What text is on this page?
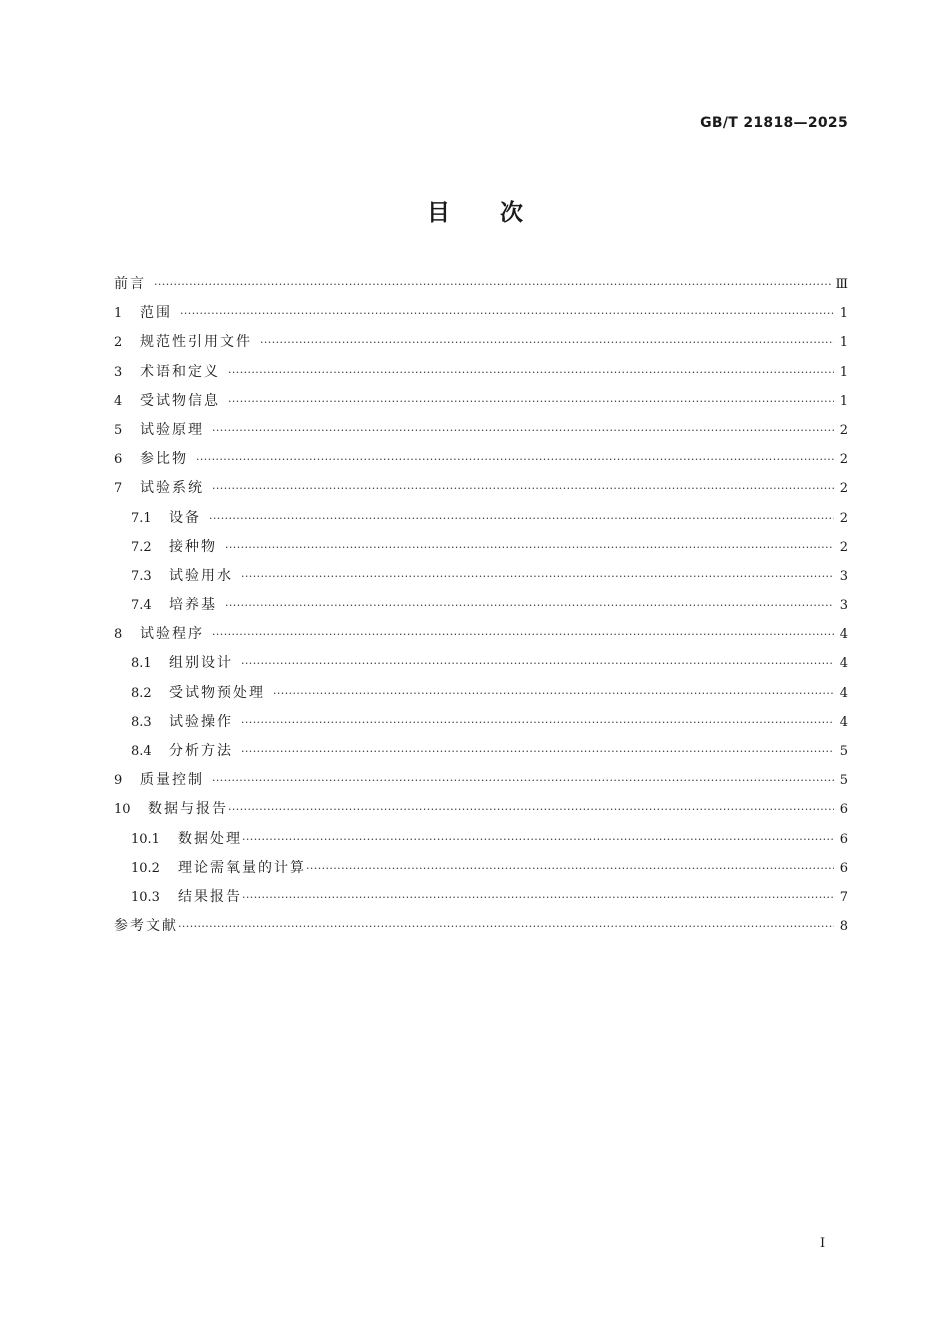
GB/T 21818—2025
目次
前言 ·····	Ⅲ
1	范围 ·····	1
2	规范性引用文件 ·····	1
3	术语和定义 ·····	1
4	受试物信息 ·····	1
5	试验原理 ·····	2
6	参比物 ·····	2
7	试验系统 ·····	2
7.1	设备 ·····	2
7.2	接种物 ·····	2
7.3	试验用水 ·····	3
7.4	培养基 ·····	3
8	试验程序 ·····	4
8.1	组别设计 ·····	4
8.2	受试物预处理 ·····	4
8.3	试验操作 ·····	4
8.4	分析方法 ·····	5
9	质量控制 ·····	5
10	数据与报告 ·····	6
10.1	数据处理 ·····	6
10.2	理论需氧量的计算 ·····	6
10.3	结果报告 ·····	7
参考文献 ·····	8
I
